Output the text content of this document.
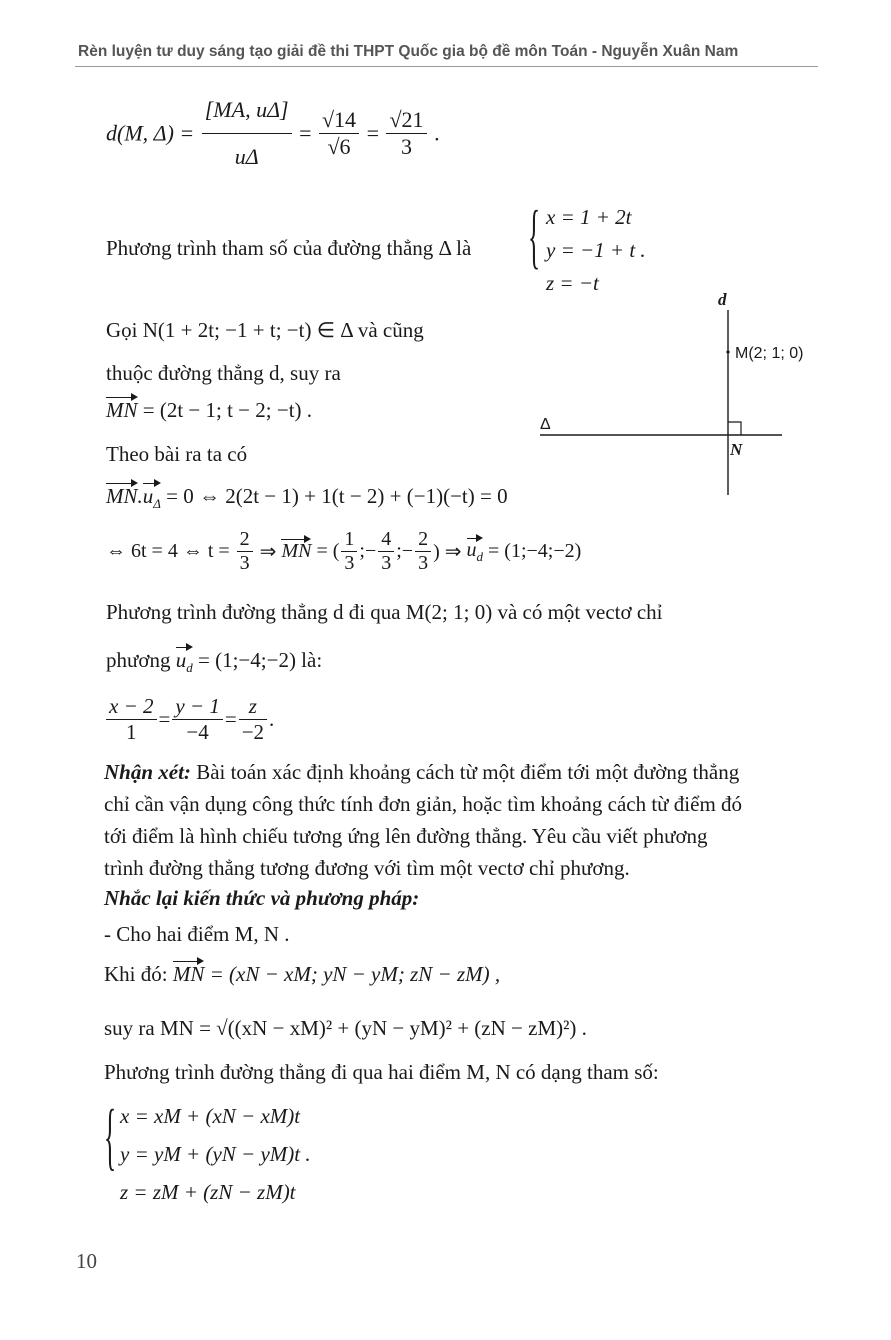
Rèn luyện tư duy sáng tạo giải đề thi THPT Quốc gia bộ đề môn Toán - Nguyễn Xuân Nam
d(M, $\Delta) = \frac{[MA, u\Delta]}{u\Delta} = \frac{√14}{√6} = \frac{√21}{3}$ .
Phương trình tham số của đường thẳng Δ là { x = 1 + 2t
y = −1 + t .
z = −t
Gọi N(1 + 2t; −1 + t; −t) ∈ Δ và cũng
thuộc đường thẳng d, suy ra
MN = (2t − 1; t − 2; −t) .
Theo bài ra ta có
$MN.u_\Delta = 0$ ⇔ 2(2t − 1) + 1(t − 2) + (−1)(−t) = 0
⇔ 6t = 4 ⇔ $t = \frac{2}{3}$ ⇒ MN = ( $\frac{1}{3}$ ;− $\frac{4}{3}$ ;− $\frac{2}{3}$ ) ⇒ $u_d$ = (1;−4;−2)
Phương trình đường thẳng d đi qua M(2; 1; 0) và có một vectơ chỉ
phương $u_d$ = (1;−4;−2) là:
$\frac{x - 2}{1} = \frac{y - 1}{-4} = \frac{z}{-2}$ .
Nhận xét: Bài toán xác định khoảng cách từ một điểm tới một đường thẳng
chỉ cần vận dụng công thức tính đơn giản, hoặc tìm khoảng cách từ điểm đó
tới điểm là hình chiếu tương ứng lên đường thẳng. Yêu cầu viết phương
trình đường thẳng tương đương với tìm một vectơ chỉ phương.
Nhắc lại kiến thức và phương pháp:
- Cho hai điểm M, N .
Khi đó: MN = (xN − xM; yN − yM; zN − zM) ,
suy ra MN = √((xN − xM)² + (yN − yM)² + (zN − zM)²) .
Phương trình đường thẳng đi qua hai điểm M, N có dạng tham số:
{ x = xM + (xN − xM)t
y = yM + (yN − yM)t .
z = zM + (zN − zM)t
d
M(2; 1; 0)
Δ
N
10
